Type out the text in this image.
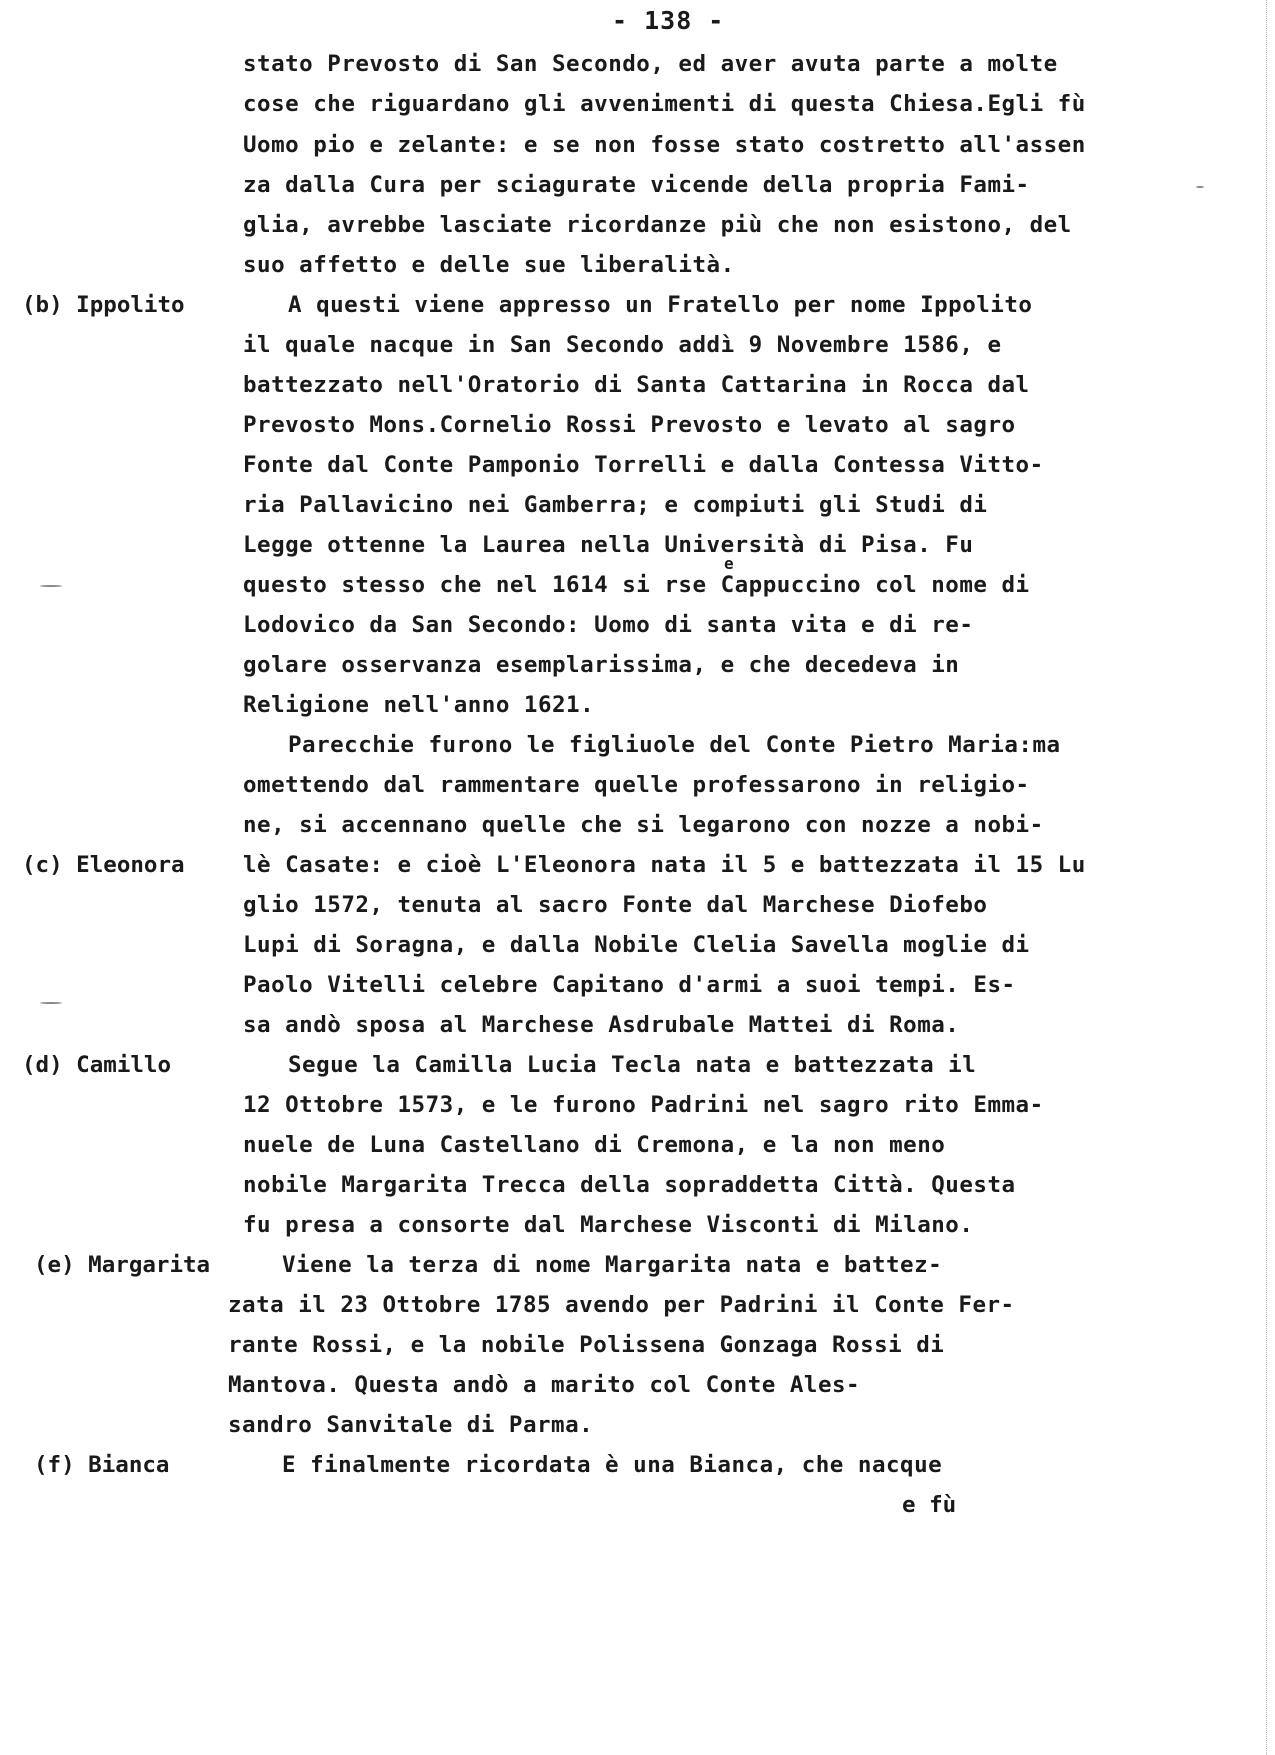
- 138 -
stato Prevosto di San Secondo, ed aver avuta parte a molte
cose che riguardano gli avvenimenti di questa Chiesa.Egli fù
Uomo pio e zelante: e se non fosse stato costretto all'assen
za dalla Cura per sciagurate vicende della propria Fami-
glia, avrebbe lasciate ricordanze più che non esistono, del
suo affetto e delle sue liberalità.
A questi viene appresso un Fratello per nome Ippolito
il quale nacque in San Secondo addì 9 Novembre 1586, e
battezzato nell'Oratorio di Santa Cattarina in Rocca dal
Prevosto Mons.Cornelio Rossi Prevosto e levato al sagro
Fonte dal Conte Pamponio Torrelli e dalla Contessa Vitto-
ria Pallavicino nei Gamberra; e compiuti gli Studi di
Legge ottenne la Laurea nella Università di Pisa. Fu
questo stesso che nel 1614 si rse Cappuccino col nome di
e
Lodovico da San Secondo: Uomo di santa vita e di re-
golare osservanza esemplarissima, e che decedeva in
Religione nell'anno 1621.
Parecchie furono le figliuole del Conte Pietro Maria:ma
omettendo dal rammentare quelle professarono in religio-
ne, si accennano quelle che si legarono con nozze a nobi-
lè Casate: e cioè L'Eleonora nata il 5 e battezzata il 15 Lu
glio 1572, tenuta al sacro Fonte dal Marchese Diofebo
Lupi di Soragna, e dalla Nobile Clelia Savella moglie di
Paolo Vitelli celebre Capitano d'armi a suoi tempi. Es-
sa andò sposa al Marchese Asdrubale Mattei di Roma.
Segue la Camilla Lucia Tecla nata e battezzata il
12 Ottobre 1573, e le furono Padrini nel sagro rito Emma-
nuele de Luna Castellano di Cremona, e la non meno
nobile Margarita Trecca della sopraddetta Città. Questa
fu presa a consorte dal Marchese Visconti di Milano.
Viene la terza di nome Margarita nata e battez-
zata il 23 Ottobre 1785 avendo per Padrini il Conte Fer-
rante Rossi, e la nobile Polissena Gonzaga Rossi di
Mantova. Questa andò a marito col Conte Ales-
sandro Sanvitale di Parma.
E finalmente ricordata è una Bianca, che nacque
(b) Ippolito
(c) Eleonora
(d) Camillo
(e) Margarita
(f) Bianca
e fù
